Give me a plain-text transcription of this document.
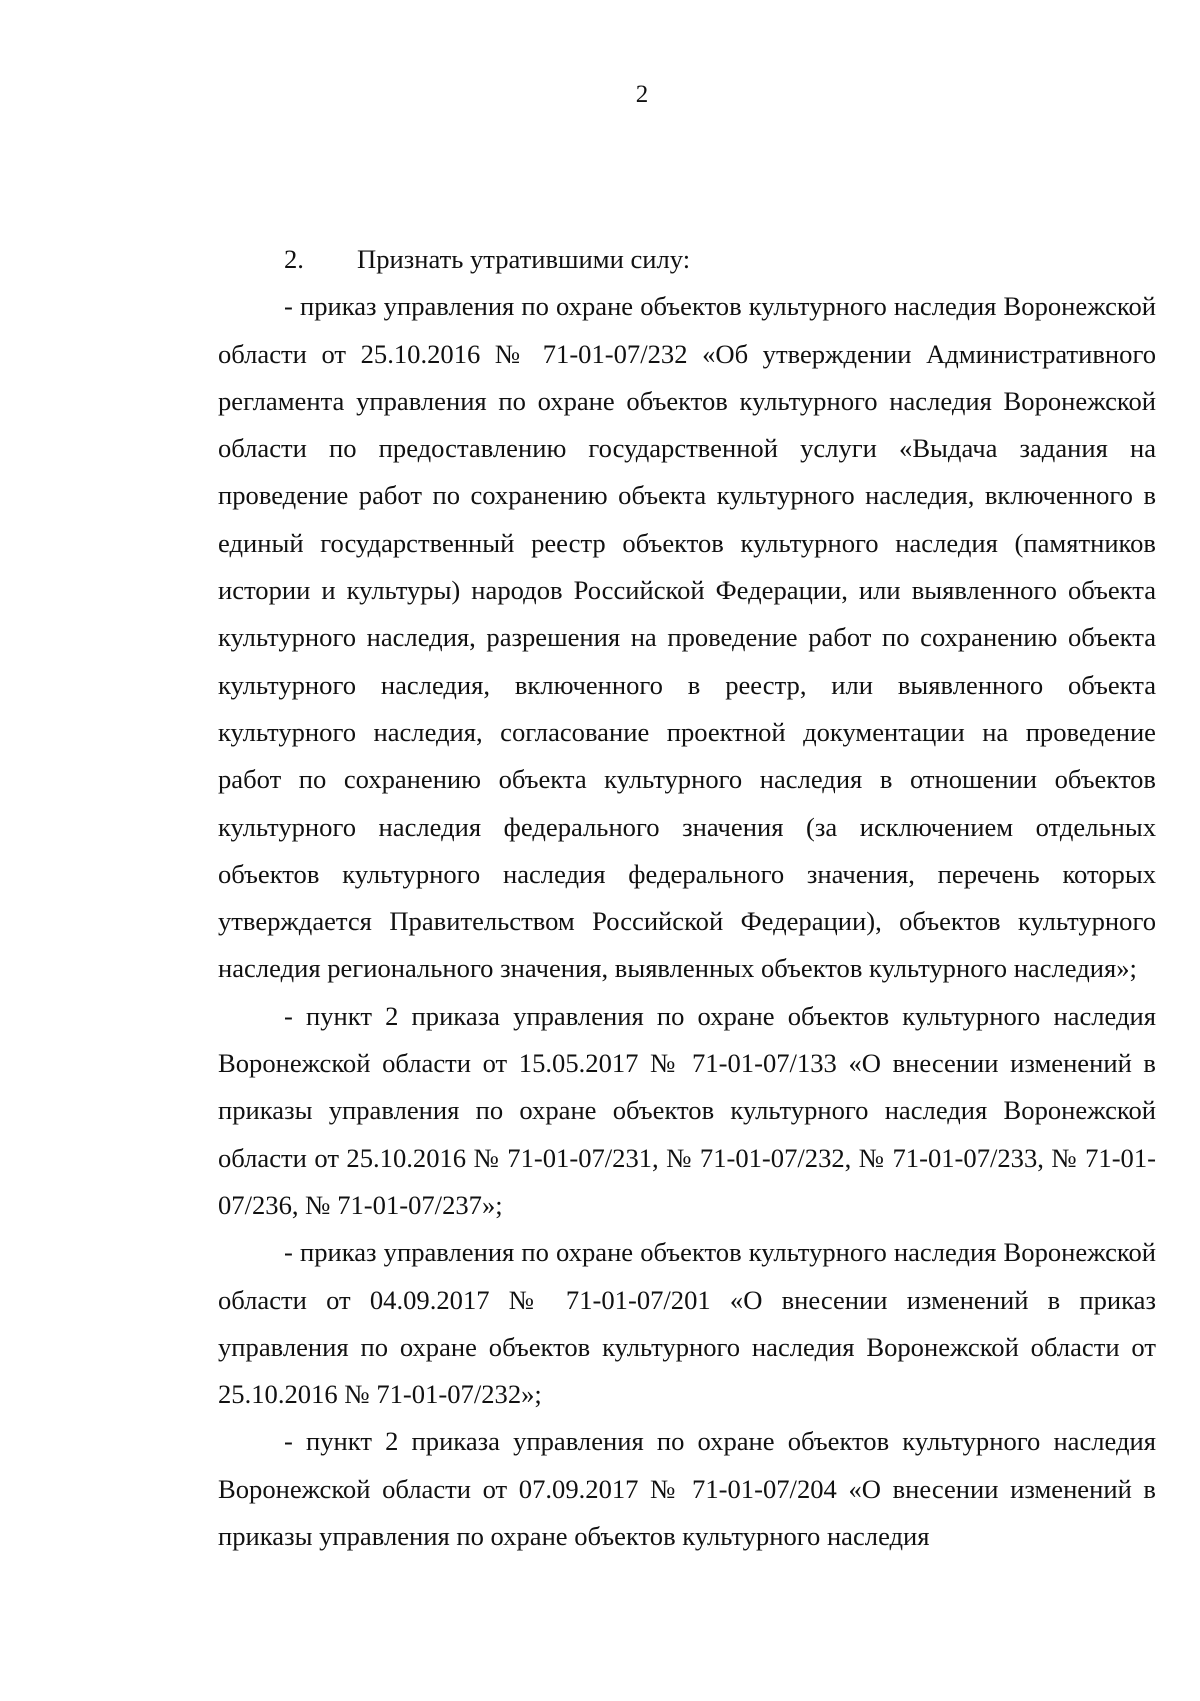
2

2. Признать утратившими силу:

- приказ управления по охране объектов культурного наследия Воронежской области от 25.10.2016 № 71-01-07/232 «Об утверждении Административного регламента управления по охране объектов культурного наследия Воронежской области по предоставлению государственной услуги «Выдача задания на проведение работ по сохранению объекта культурного наследия, включенного в единый государственный реестр объектов культурного наследия (памятников истории и культуры) народов Российской Федерации, или выявленного объекта культурного наследия, разрешения на проведение работ по сохранению объекта культурного наследия, включенного в реестр, или выявленного объекта культурного наследия, согласование проектной документации на проведение работ по сохранению объекта культурного наследия в отношении объектов культурного наследия федерального значения (за исключением отдельных объектов культурного наследия федерального значения, перечень которых утверждается Правительством Российской Федерации), объектов культурного наследия регионального значения, выявленных объектов культурного наследия»;

- пункт 2 приказа управления по охране объектов культурного наследия Воронежской области от 15.05.2017 № 71-01-07/133 «О внесении изменений в приказы управления по охране объектов культурного наследия Воронежской области от 25.10.2016 № 71-01-07/231, № 71-01-07/232, № 71-01-07/233, № 71-01-07/236, № 71-01-07/237»;

- приказ управления по охране объектов культурного наследия Воронежской области от 04.09.2017 № 71-01-07/201 «О внесении изменений в приказ управления по охране объектов культурного наследия Воронежской области от 25.10.2016 № 71-01-07/232»;

- пункт 2 приказа управления по охране объектов культурного наследия Воронежской области от 07.09.2017 № 71-01-07/204 «О внесении изменений в приказы управления по охране объектов культурного наследия
